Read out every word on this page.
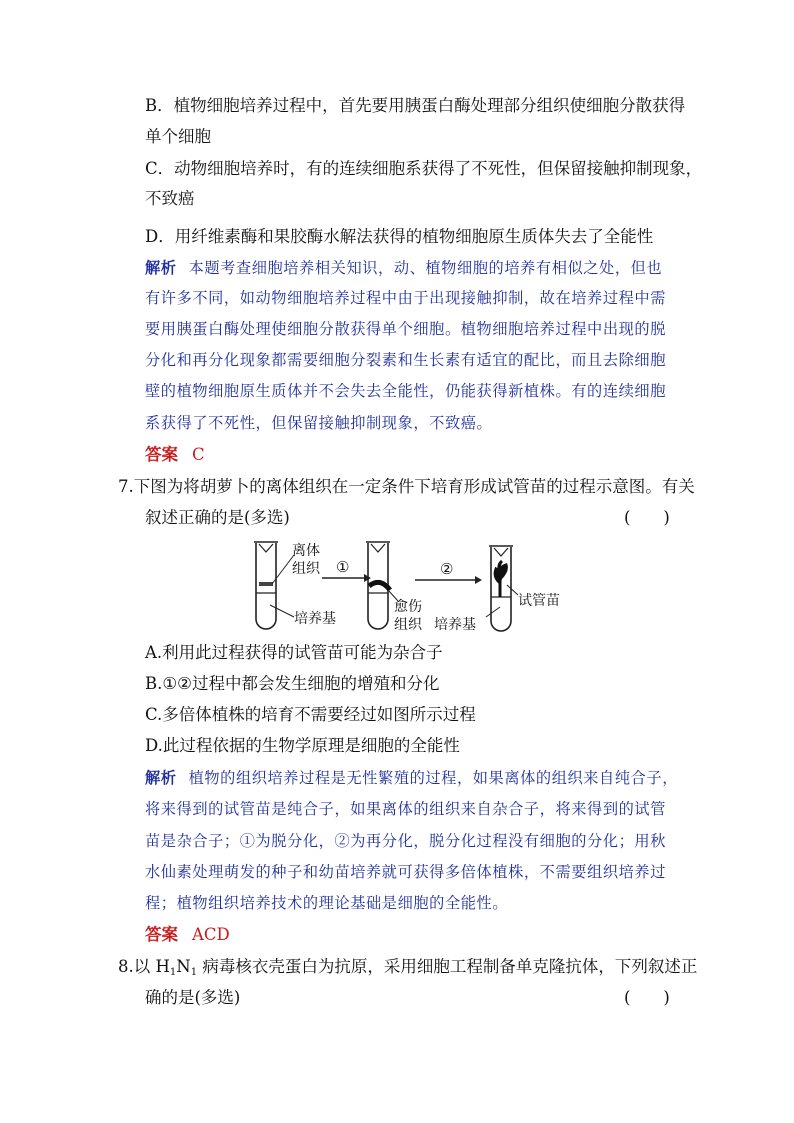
B．植物细胞培养过程中，首先要用胰蛋白酶处理部分组织使细胞分散获得
单个细胞
C．动物细胞培养时，有的连续细胞系获得了不死性，但保留接触抑制现象，
不致癌
D．用纤维素酶和果胶酶水解法获得的植物细胞原生质体失去了全能性
解析 本题考查细胞培养相关知识，动、植物细胞的培养有相似之处，但也
有许多不同，如动物细胞培养过程中由于出现接触抑制，故在培养过程中需
要用胰蛋白酶处理使细胞分散获得单个细胞。植物细胞培养过程中出现的脱
分化和再分化现象都需要细胞分裂素和生长素有适宜的配比，而且去除细胞
壁的植物细胞原生质体并不会失去全能性，仍能获得新植株。有的连续细胞
系获得了不死性，但保留接触抑制现象，不致癌。
答案 C
7.下图为将胡萝卜的离体组织在一定条件下培育形成试管苗的过程示意图。有关
叙述正确的是(多选)	(　　)
离体
组织
培养基
①
愈伤
组织
②
培养基
试管苗
A.利用此过程获得的试管苗可能为杂合子
B.①②过程中都会发生细胞的增殖和分化
C.多倍体植株的培育不需要经过如图所示过程
D.此过程依据的生物学原理是细胞的全能性
解析 植物的组织培养过程是无性繁殖的过程，如果离体的组织来自纯合子，
将来得到的试管苗是纯合子，如果离体的组织来自杂合子，将来得到的试管
苗是杂合子；①为脱分化，②为再分化，脱分化过程没有细胞的分化；用秋
水仙素处理萌发的种子和幼苗培养就可获得多倍体植株，不需要组织培养过
程；植物组织培养技术的理论基础是细胞的全能性。
答案 ACD
8.以 $H_1N_1$ 病毒核衣壳蛋白为抗原，采用细胞工程制备单克隆抗体，下列叙述正
确的是(多选)	(　　)
